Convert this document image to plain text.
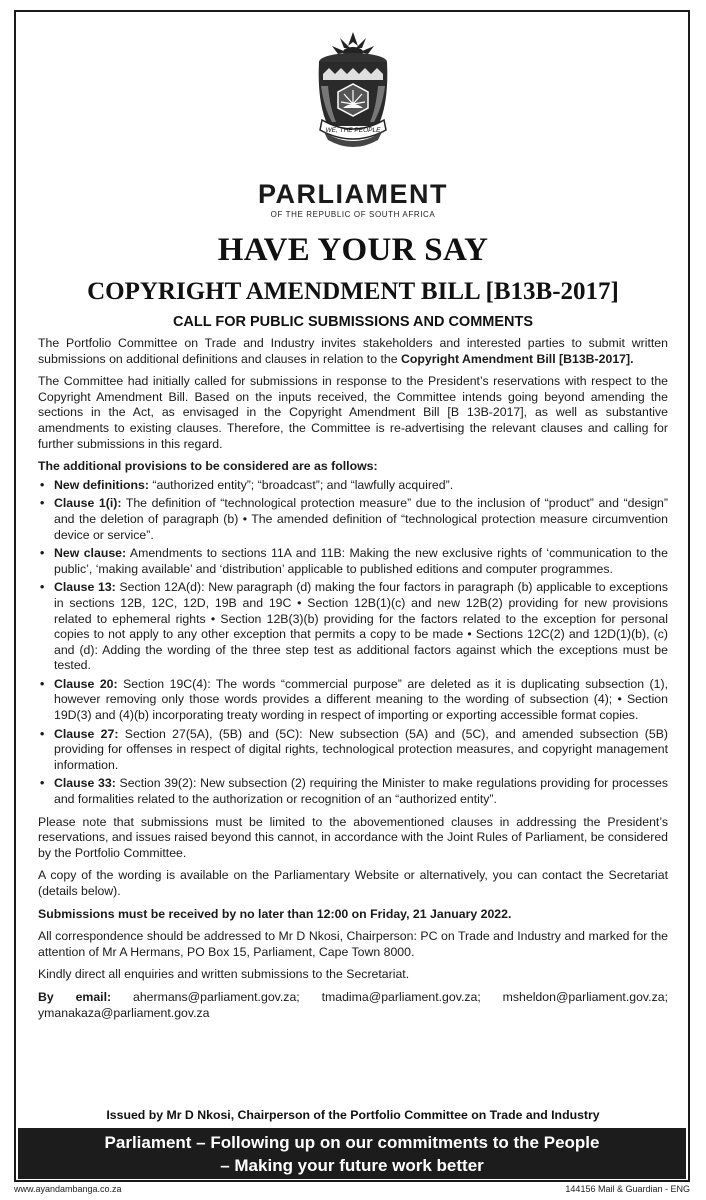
WE, THE PEOPLE
PARLIAMENT
OF THE REPUBLIC OF SOUTH AFRICA
HAVE YOUR SAY
COPYRIGHT AMENDMENT BILL [B13B-2017]
CALL FOR PUBLIC SUBMISSIONS AND COMMENTS

The Portfolio Committee on Trade and Industry invites stakeholders and interested parties to submit written submissions on additional definitions and clauses in relation to the Copyright Amendment Bill [B13B-2017].

The Committee had initially called for submissions in response to the President’s reservations with respect to the Copyright Amendment Bill. Based on the inputs received, the Committee intends going beyond amending the sections in the Act, as envisaged in the Copyright Amendment Bill [B 13B-2017], as well as substantive amendments to existing clauses. Therefore, the Committee is re-advertising the relevant clauses and calling for further submissions in this regard.

The additional provisions to be considered are as follows:

• New definitions: “authorized entity”; “broadcast”; and “lawfully acquired”.
• Clause 1(i): The definition of “technological protection measure” due to the inclusion of “product” and “design” and the deletion of paragraph (b) • The amended definition of “technological protection measure circumvention device or service”.
• New clause: Amendments to sections 11A and 11B: Making the new exclusive rights of ‘communication to the public’, ‘making available’ and ‘distribution’ applicable to published editions and computer programmes.
• Clause 13: Section 12A(d): New paragraph (d) making the four factors in paragraph (b) applicable to exceptions in sections 12B, 12C, 12D, 19B and 19C • Section 12B(1)(c) and new 12B(2) providing for new provisions related to ephemeral rights • Section 12B(3)(b) providing for the factors related to the exception for personal copies to not apply to any other exception that permits a copy to be made • Sections 12C(2) and 12D(1)(b), (c) and (d): Adding the wording of the three step test as additional factors against which the exceptions must be tested.
• Clause 20: Section 19C(4): The words “commercial purpose” are deleted as it is duplicating subsection (1), however removing only those words provides a different meaning to the wording of subsection (4); • Section 19D(3) and (4)(b) incorporating treaty wording in respect of importing or exporting accessible format copies.
• Clause 27: Section 27(5A), (5B) and (5C): New subsection (5A) and (5C), and amended subsection (5B) providing for offenses in respect of digital rights, technological protection measures, and copyright management information.
• Clause 33: Section 39(2): New subsection (2) requiring the Minister to make regulations providing for processes and formalities related to the authorization or recognition of an “authorized entity”.

Please note that submissions must be limited to the abovementioned clauses in addressing the President’s reservations, and issues raised beyond this cannot, in accordance with the Joint Rules of Parliament, be considered by the Portfolio Committee.

A copy of the wording is available on the Parliamentary Website or alternatively, you can contact the Secretariat (details below).

Submissions must be received by no later than 12:00 on Friday, 21 January 2022.

All correspondence should be addressed to Mr D Nkosi, Chairperson: PC on Trade and Industry and marked for the attention of Mr A Hermans, PO Box 15, Parliament, Cape Town 8000.

Kindly direct all enquiries and written submissions to the Secretariat.

By email: ahermans@parliament.gov.za; tmadima@parliament.gov.za; msheldon@parliament.gov.za; ymanakaza@parliament.gov.za

Issued by Mr D Nkosi, Chairperson of the Portfolio Committee on Trade and Industry
Parliament – Following up on our commitments to the People
– Making your future work better
www.ayandambanga.co.za	144156 Mail & Guardian - ENG
